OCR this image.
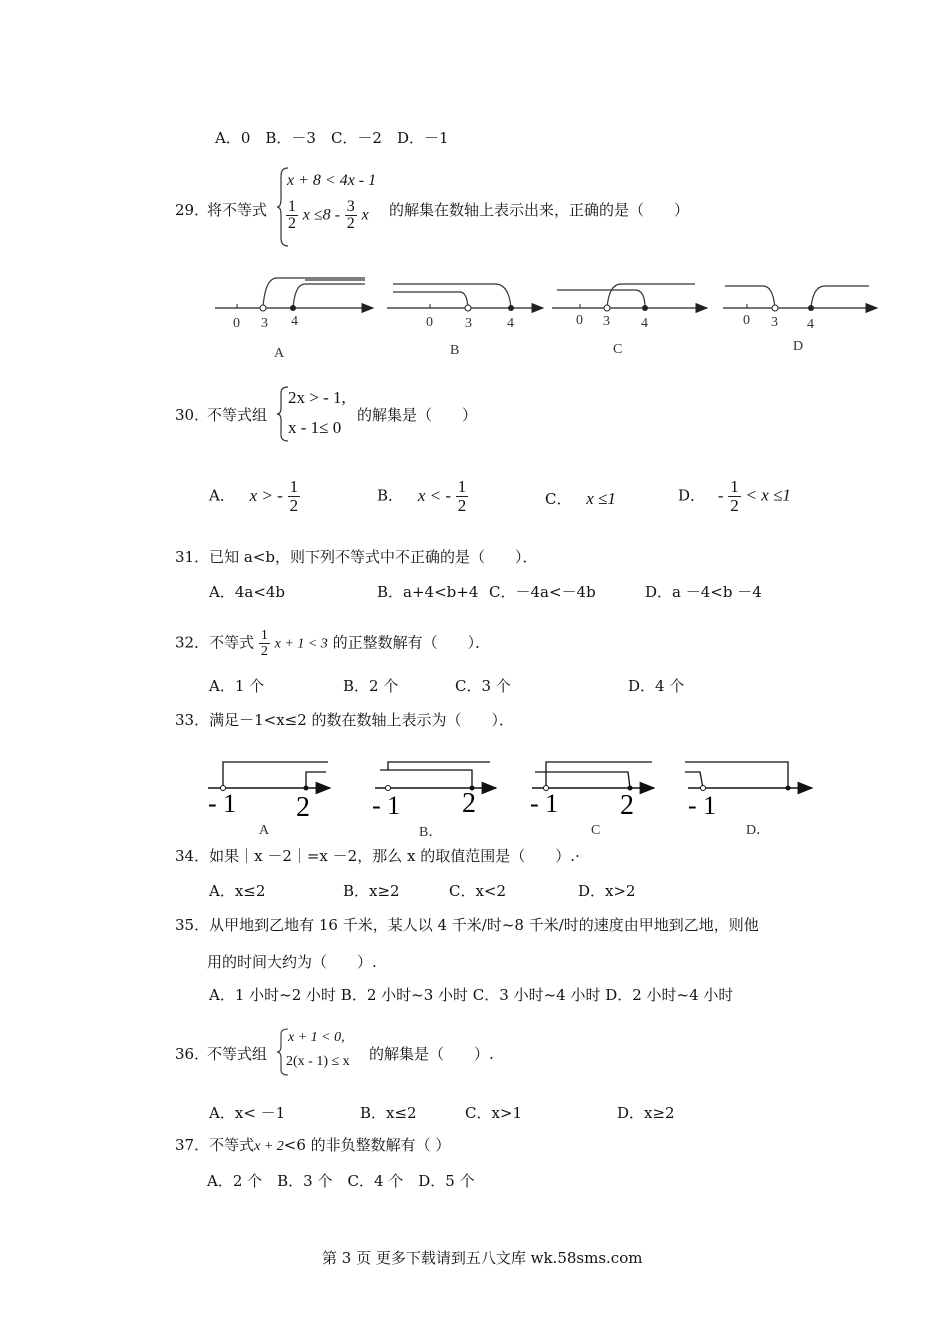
A．0　B．－3　C．－2　D．－1
29．
将不等式
x + 8 < 4x - 1
$\frac{1}{2}$ $x \le 8 - \frac{3}{2}$ x 的解集在数轴上表示出来，正确的是（　　）
0 3 4
A
0 3	4
B
0 3 4
C
0 3 4
D
30．
不等式组
2x > - 1,
x - 1≤ 0
的解集是（　　）
A． x > - $\frac{1}{2}$	B． x < - $\frac{1}{2}$	C． x ≤1	D． - $\frac{1}{2} < x \le 1$
31．已知 a<b，则下列不等式中不正确的是（　　）．
A．4a<4b	B．a+4<b+4 C．－4a<－4b	D．a －4<b －4
32．不等式 $\frac{1}{2}$ x + 1 < 3 的正整数解有（　　）．
A．1 个	B．2 个	C．3 个	D．4 个
33．满足－1<x≤2 的数在数轴上表示为（　　）．
- 1 2
A
- 1 2
B．
- 1 2
C
- 1
D．
34．如果｜x －2｜=x －2，那么 x 的取值范围是（　　）.·
A．x≤2	B．x≥2	C．x<2	D．x>2
35．从甲地到乙地有 16 千米，某人以 4 千米/时~8 千米/时的速度由甲地到乙地，则他
用的时间大约为（　　）.
A．1 小时~2 小时 B．2 小时~3 小时 C．3 小时~4 小时 D．2 小时~4 小时
36．
不等式组
x + 1 < 0,
2(x - 1) ≤ x 的解集是（　　）.
A．x< －1	B．x≤2	C．x>1	D．x≥2
37．不等式x + 2<6 的非负整数解有（ ）
A．2 个　B．3 个　C．4 个　D．5 个
第 3 页 更多下载请到五八文库 wk.58sms.com
